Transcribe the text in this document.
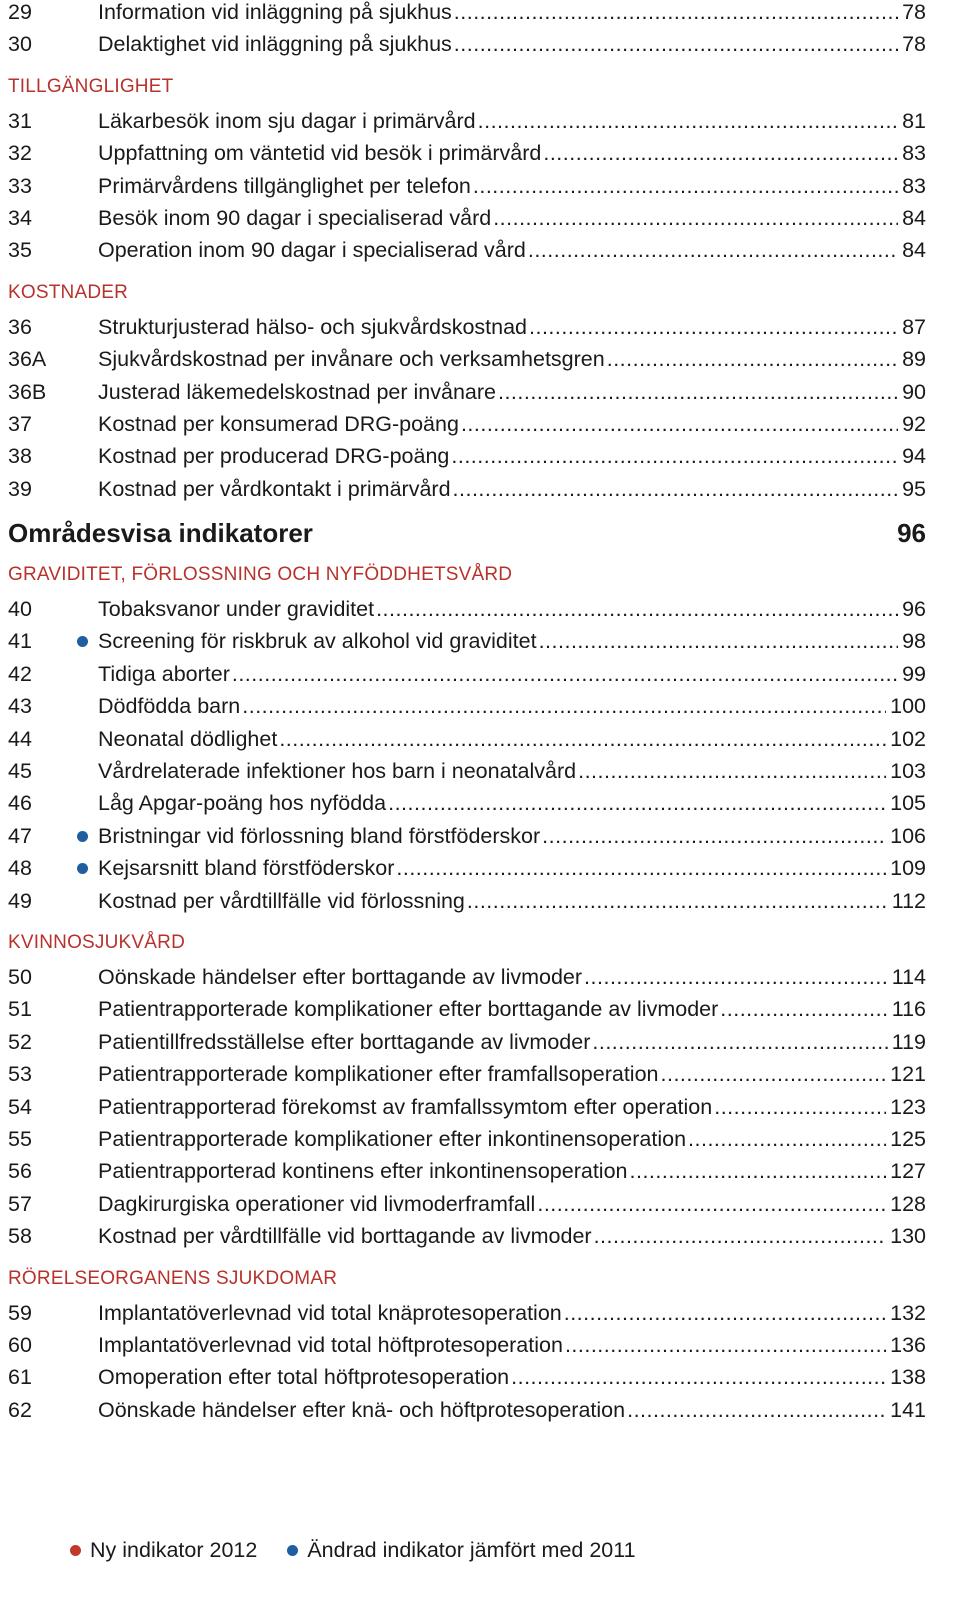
29	Information vid inläggning på sjukhus .....	78
30	Delaktighet vid inläggning på sjukhus .....	78
TILLGÄNGLIGHET
31	Läkarbesök inom sju dagar i primärvård .....	81
32	Uppfattning om väntetid vid besök i primärvård .....	83
33	Primärvårdens tillgänglighet per telefon .....	83
34	Besök inom 90 dagar i specialiserad vård .....	84
35	Operation inom 90 dagar i specialiserad vård .....	84
KOSTNADER
36	Strukturjusterad hälso- och sjukvårdskostnad .....	87
36A Sjukvårdskostnad per invånare och verksamhetsgren .....	89
36B Justerad läkemedelskostnad per invånare .....	90
37	Kostnad per konsumerad DRG-poäng .....	92
38	Kostnad per producerad DRG-poäng .....	94
39	Kostnad per vårdkontakt i primärvård .....	95
Områdesvisa indikatorer	96
GRAVIDITET, FÖRLOSSNING OCH NYFÖDDHETSVÅRD
40	Tobaksvanor under graviditet .....	96
41	Screening för riskbruk av alkohol vid graviditet .....	98
42	Tidiga aborter .....	99
43	Dödfödda barn .....	100
44	Neonatal dödlighet .....	102
45	Vårdrelaterade infektioner hos barn i neonatalvård .....	103
46	Låg Apgar-poäng hos nyfödda .....	105
47	Bristningar vid förlossning bland förstföderskor .....	106
48	Kejsarsnitt bland förstföderskor .....	109
49	Kostnad per vårdtillfälle vid förlossning .....	112
KVINNOSJUKVÅRD
50	Oönskade händelser efter borttagande av livmoder .....	114
51	Patientrapporterade komplikationer efter borttagande av livmoder .....	116
52	Patientillfredsställelse efter borttagande av livmoder .....	119
53	Patientrapporterade komplikationer efter framfallsoperation .....	121
54	Patientrapporterad förekomst av framfallssymtom efter operation .....	123
55	Patientrapporterade komplikationer efter inkontinensoperation .....	125
56	Patientrapporterad kontinens efter inkontinensoperation .....	127
57	Dagkirurgiska operationer vid livmoderframfall .....	128
58	Kostnad per vårdtillfälle vid borttagande av livmoder .....	130
RÖRELSEORGANENS SJUKDOMAR
59	Implantatöverlevnad vid total knäprotesoperation .....	132
60	Implantatöverlevnad vid total höftprotesoperation .....	136
61	Omoperation efter total höftprotesoperation .....	138
62	Oönskade händelser efter knä- och höftprotesoperation .....	141
Ny indikator 2012 Ändrad indikator jämfört med 2011
